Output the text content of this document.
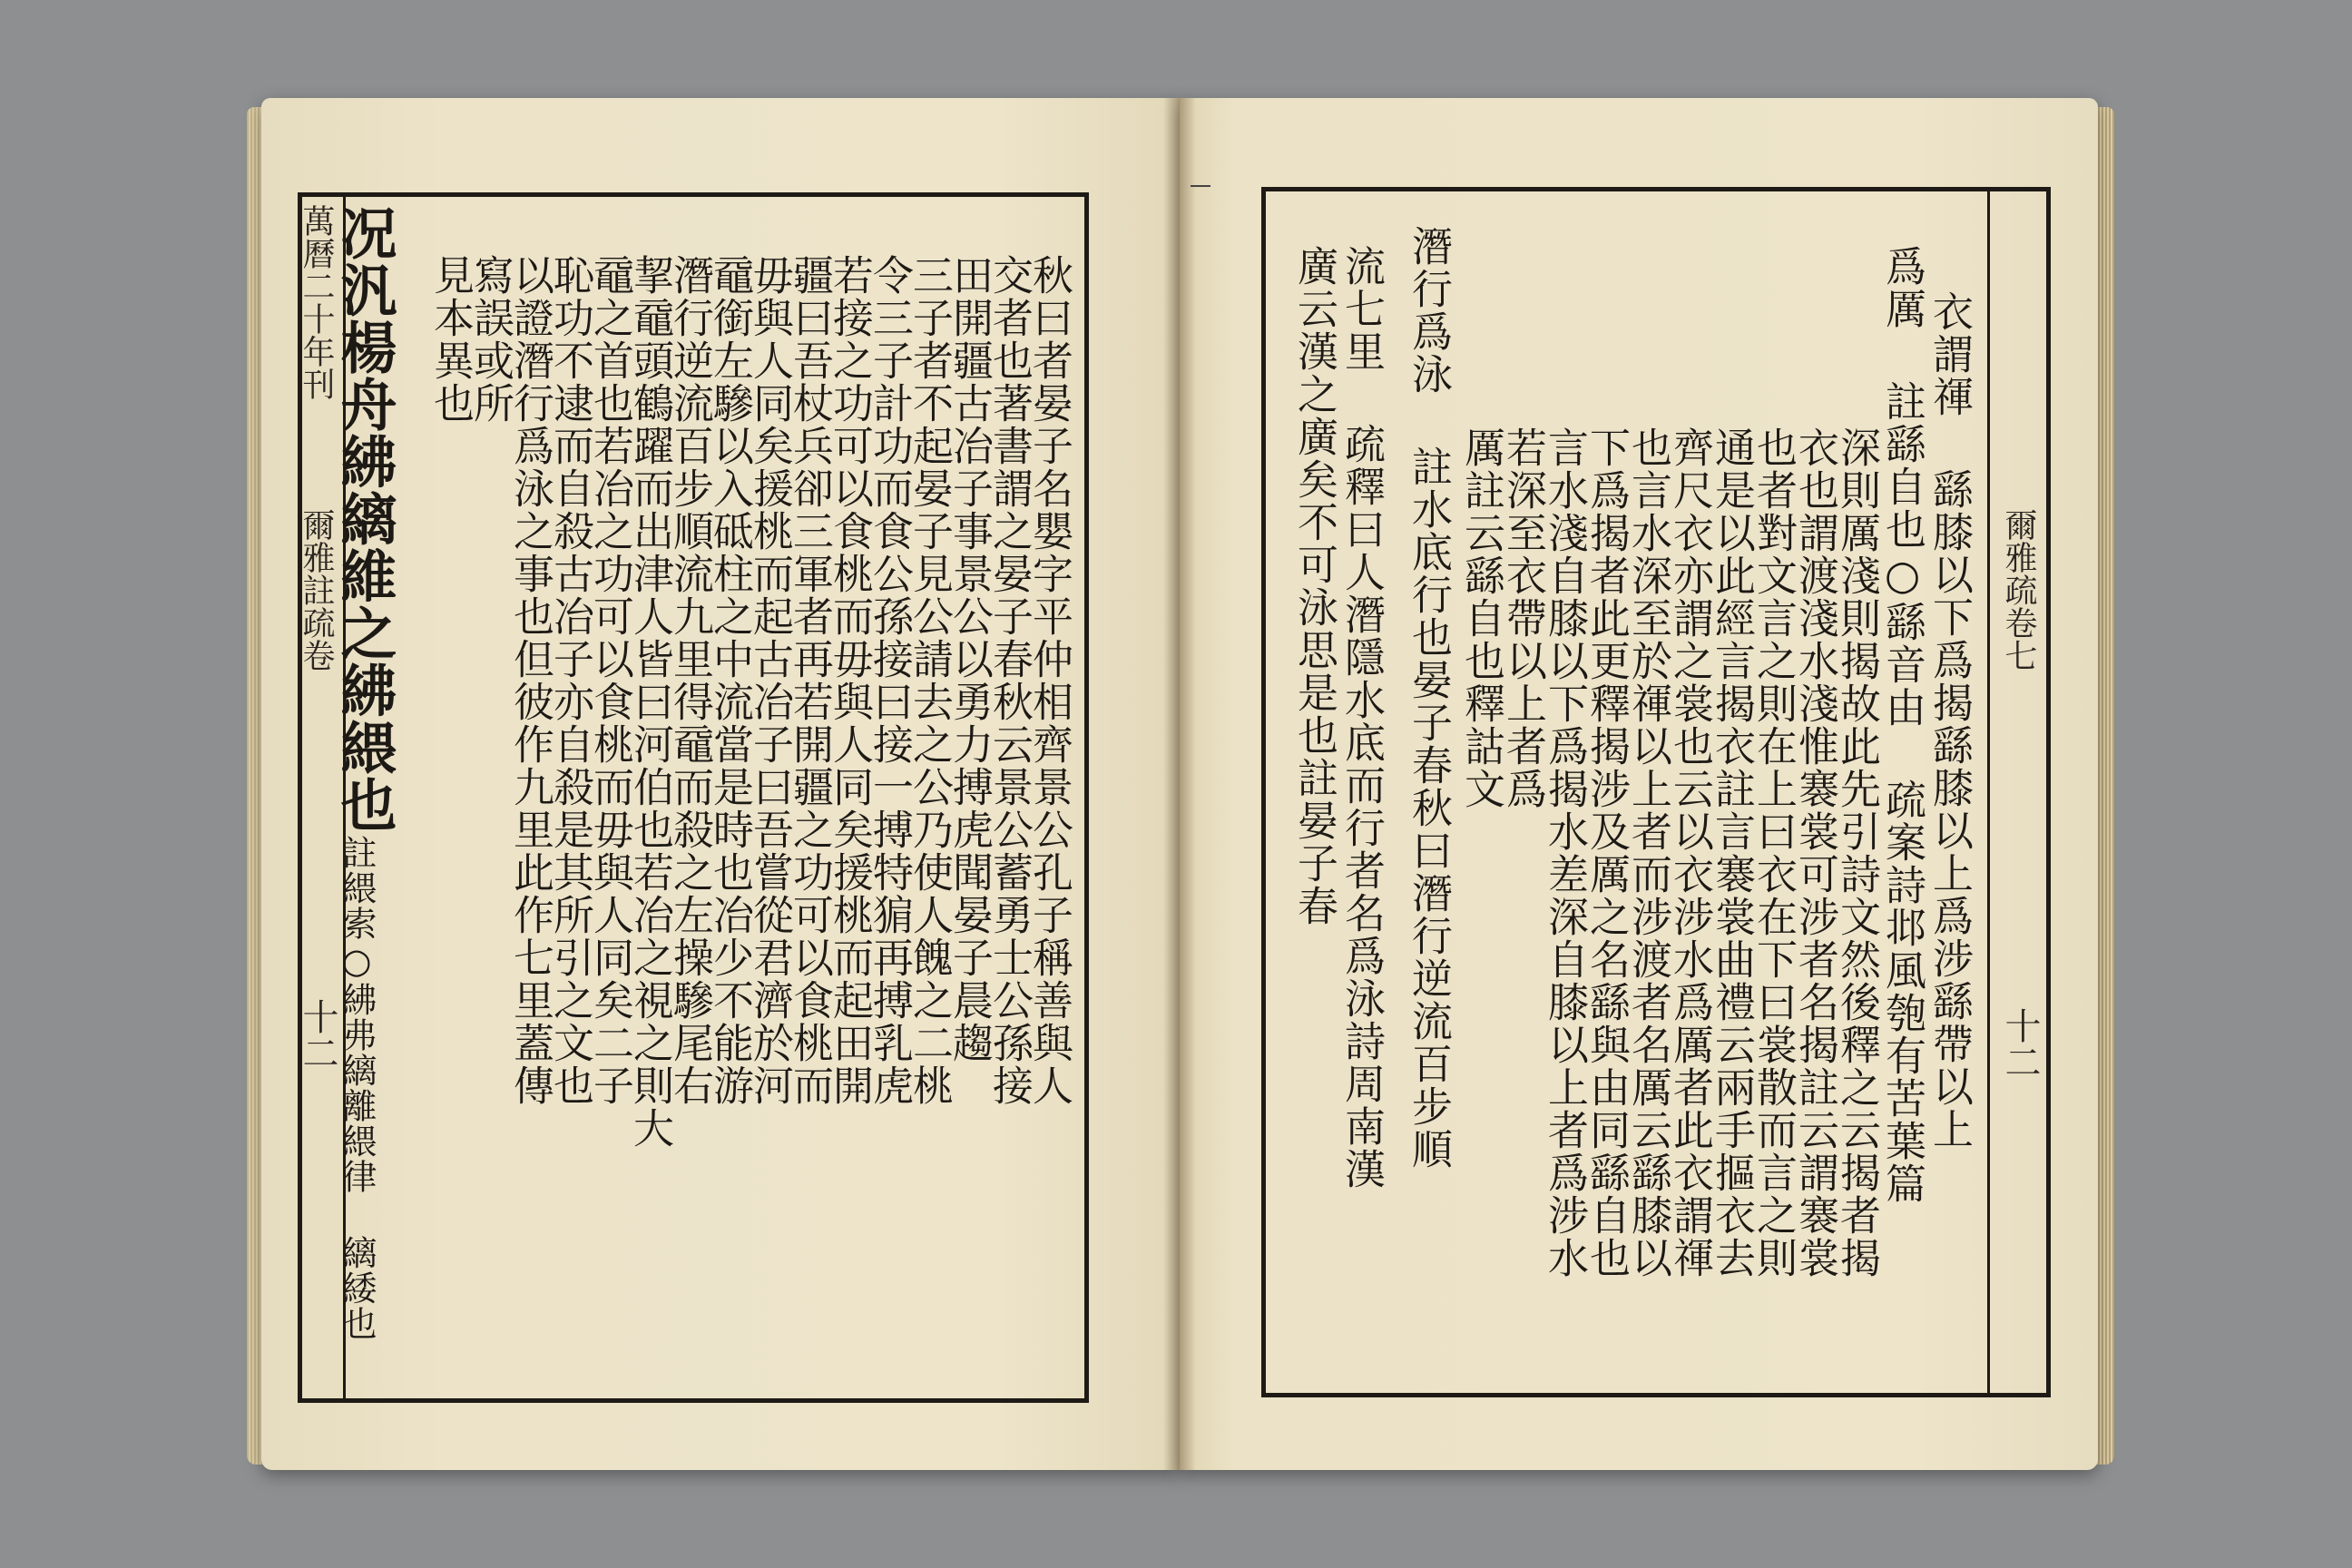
萬曆二十年刊
爾雅註疏卷
十二
爾雅疏卷七
十二
况汎楊舟紼縭維之紼䋿也
註䋿索○紼弗縭離䋿律 縭緌也	秋曰者晏子名嬰字平仲相齊景公孔子稱善與人
交者也著書謂之晏子春秋云景公蓄勇士公孫接
田開疆古冶子事景公以勇力搏虎聞晏子晨趨
三子者不起晏子見公請去之公乃使人餽之二桃
令三子計功而食公孫接曰接一搏特猏再搏乳虎
若接之功可以食桃而毋與人同矣援桃而起田開
疆曰吾杖兵卻三軍者再若開疆之功可以食桃而
毋與人同矣援桃而起古冶子曰吾嘗從君濟於河
黿銜左驂以入砥柱之中流當是時也冶少不能游
潛行逆流百步順流九里得黿而殺之左操驂尾右
挈黿頭鶴躍而出津人皆曰河伯也若冶之視之則大
黿之首也若冶之功可以食桃而毋與人同矣二子
恥功不逮而自殺古冶子亦自殺是其所引之文也
以證潛行爲泳之事也但彼作九里此作七里蓋傳
寫誤或所
見本異也	衣謂禈 繇膝以下爲揭繇膝以上爲涉繇帶以上
爲厲 註繇自也○繇音由 疏案詩邶風匏有苦葉篇
深則厲淺則揭故此先引詩文然後釋之云揭者揭
衣也謂渡淺水淺惟褰裳可涉者名揭註云謂褰裳
也者對文言之則在上曰衣在下曰裳散而言之則
通是以此經言揭衣註言褰裳曲禮云兩手摳衣去
齊尺衣亦謂之裳也云以衣涉水爲厲者此衣謂禈
也言水深至於禈以上者而涉渡者名厲云繇膝以
下爲揭者此更釋揭涉及厲之名繇與由同繇自也
言水淺自膝以下爲揭水差深自膝以上者爲涉水
若深至衣帶以上者爲
厲註云繇自也釋詁文
潛行爲泳 註水底行也晏子春秋曰潛行逆流百步順
流七里 疏釋曰人潛隱水底而行者名爲泳詩周南漢
廣云漢之廣矣不可泳思是也註晏子春
